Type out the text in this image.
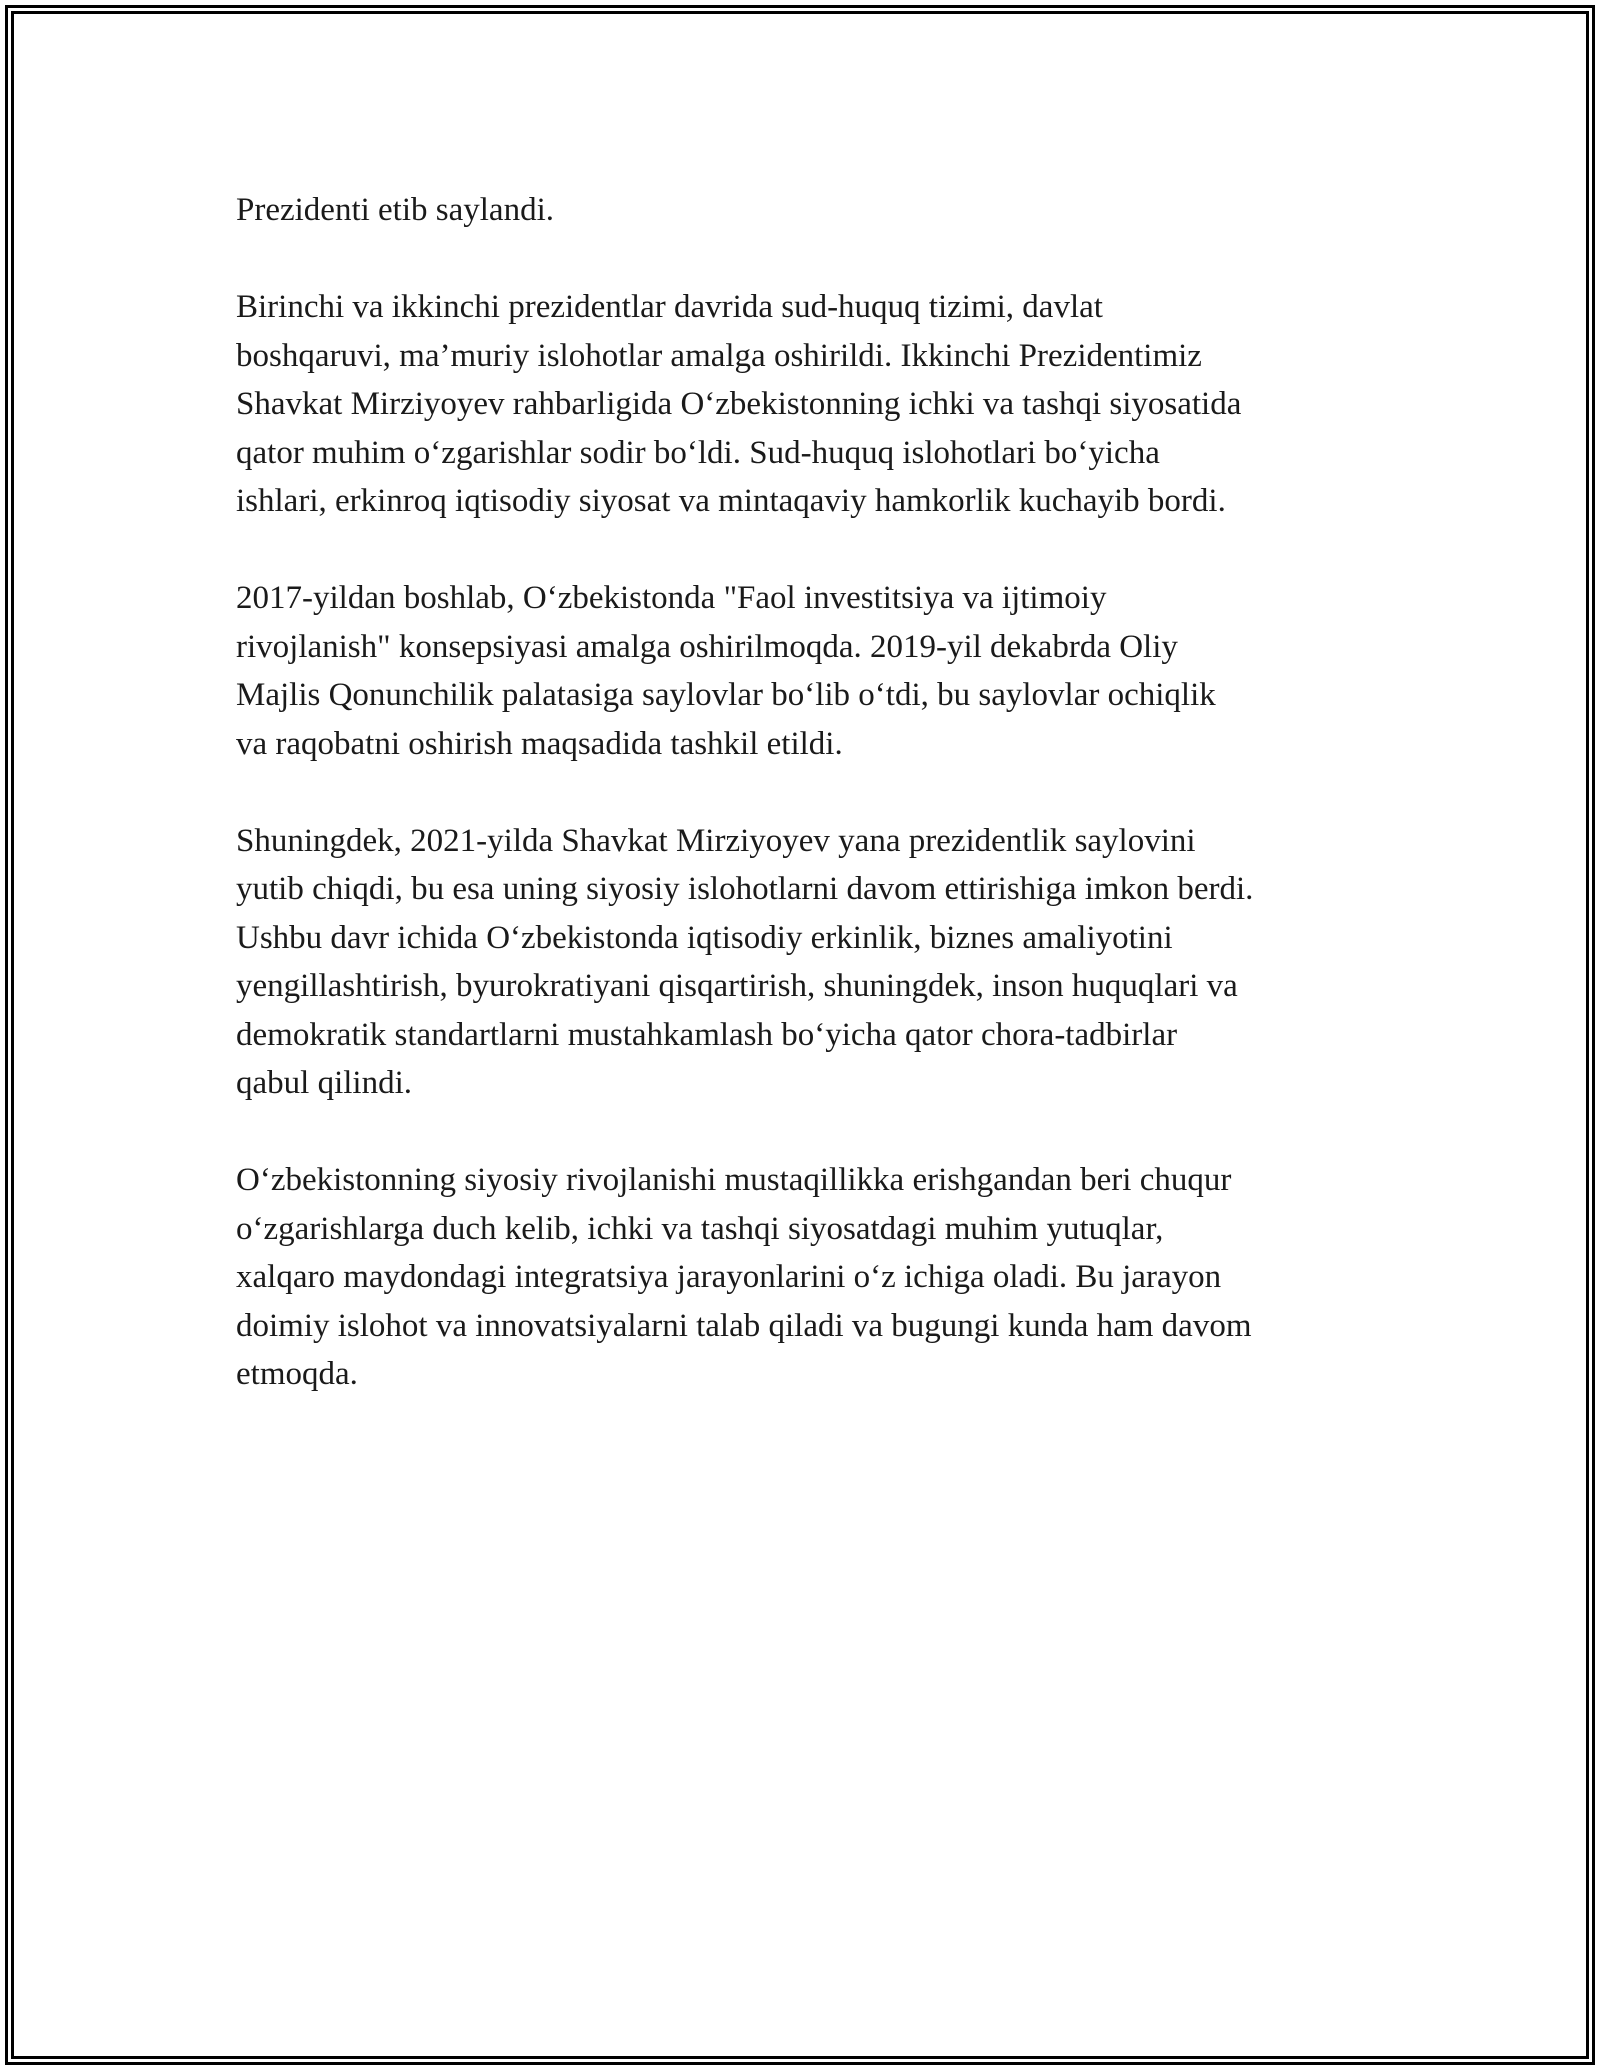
Prezidenti etib saylandi.

Birinchi va ikkinchi prezidentlar davrida sud-huquq tizimi, davlat
boshqaruvi, ma’muriy islohotlar amalga oshirildi. Ikkinchi Prezidentimiz
Shavkat Mirziyoyev rahbarligida O‘zbekistonning ichki va tashqi siyosatida
qator muhim o‘zgarishlar sodir bo‘ldi. Sud-huquq islohotlari bo‘yicha
ishlari, erkinroq iqtisodiy siyosat va mintaqaviy hamkorlik kuchayib bordi.

2017-yildan boshlab, O‘zbekistonda "Faol investitsiya va ijtimoiy
rivojlanish" konsepsiyasi amalga oshirilmoqda. 2019-yil dekabrda Oliy
Majlis Qonunchilik palatasiga saylovlar bo‘lib o‘tdi, bu saylovlar ochiqlik
va raqobatni oshirish maqsadida tashkil etildi.

Shuningdek, 2021-yilda Shavkat Mirziyoyev yana prezidentlik saylovini
yutib chiqdi, bu esa uning siyosiy islohotlarni davom ettirishiga imkon berdi.
Ushbu davr ichida O‘zbekistonda iqtisodiy erkinlik, biznes amaliyotini
yengillashtirish, byurokratiyani qisqartirish, shuningdek, inson huquqlari va
demokratik standartlarni mustahkamlash bo‘yicha qator chora-tadbirlar
qabul qilindi.

O‘zbekistonning siyosiy rivojlanishi mustaqillikka erishgandan beri chuqur
o‘zgarishlarga duch kelib, ichki va tashqi siyosatdagi muhim yutuqlar,
xalqaro maydondagi integratsiya jarayonlarini o‘z ichiga oladi. Bu jarayon
doimiy islohot va innovatsiyalarni talab qiladi va bugungi kunda ham davom
etmoqda.
